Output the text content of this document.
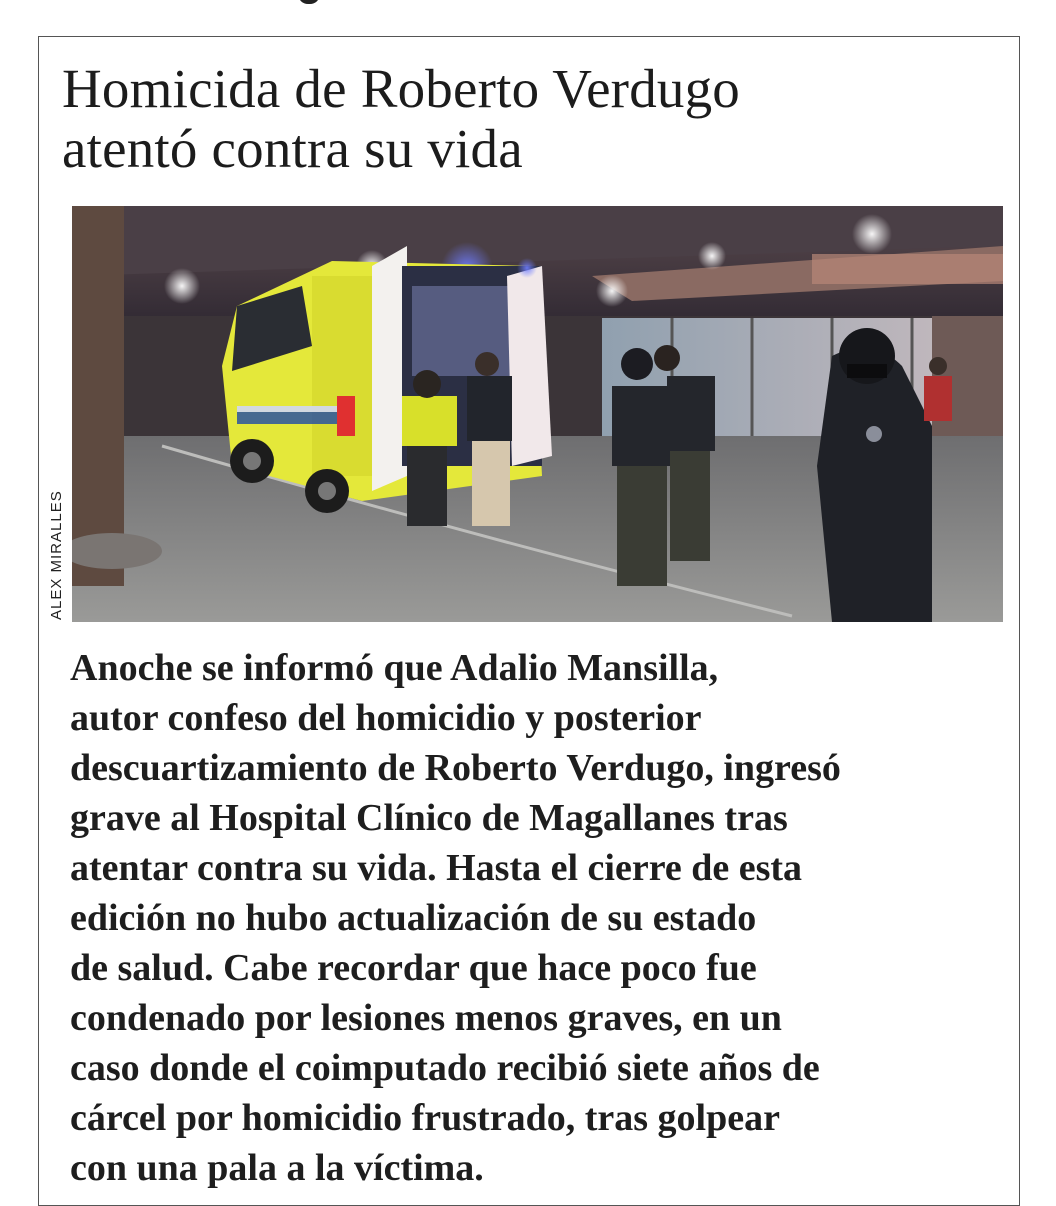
Homicida de Roberto Verdugo
atentó contra su vida
ALEX MIRALLES

Anoche se informó que Adalio Mansilla,
autor confeso del homicidio y posterior
descuartizamiento de Roberto Verdugo, ingresó
grave al Hospital Clínico de Magallanes tras
atentar contra su vida. Hasta el cierre de esta
edición no hubo actualización de su estado
de salud. Cabe recordar que hace poco fue
condenado por lesiones menos graves, en un
caso donde el coimputado recibió siete años de
cárcel por homicidio frustrado, tras golpear
con una pala a la víctima.
